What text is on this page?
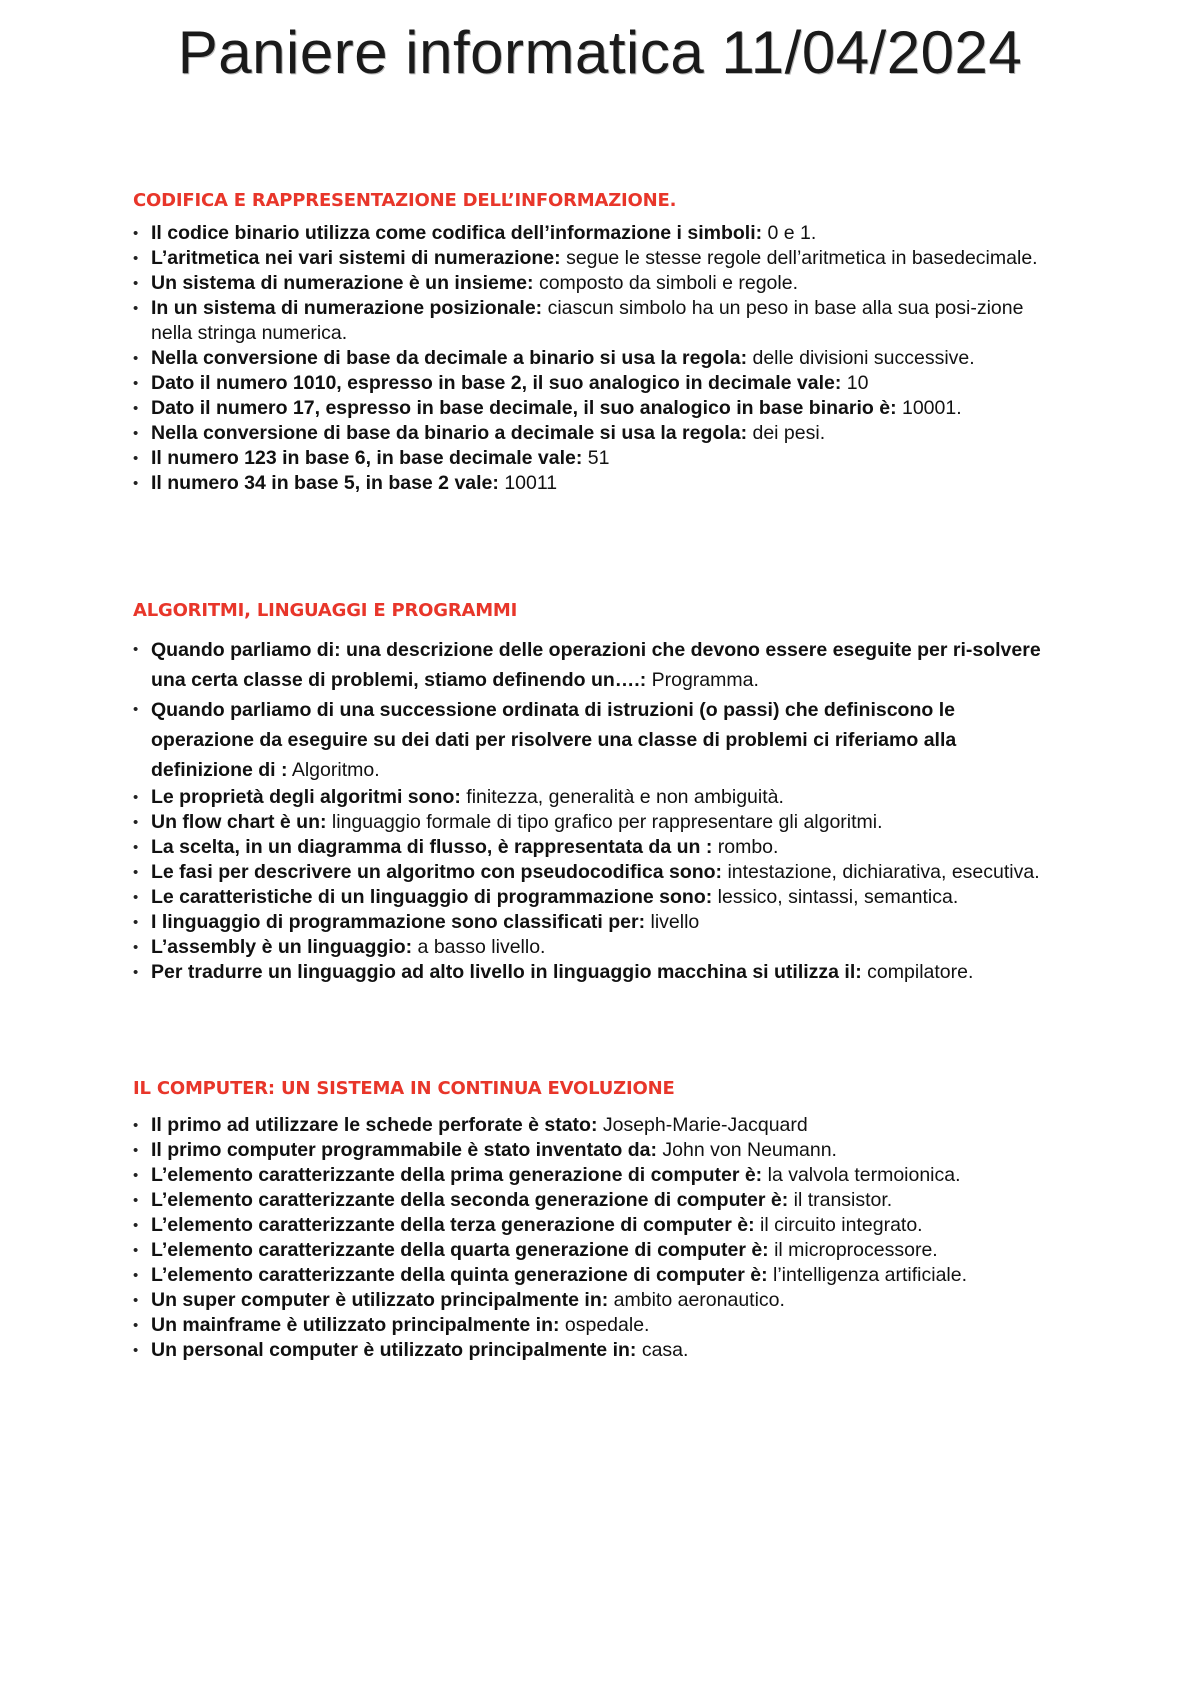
Paniere informatica 11/04/2024
CODIFICA E RAPPRESENTAZIONE DELL’INFORMAZIONE.
• Il codice binario utilizza come codifica dell’informazione i simboli: 0 e 1.
• L’aritmetica nei vari sistemi di numerazione: segue le stesse regole dell’aritmetica in basedecimale.
• Un sistema di numerazione è un insieme: composto da simboli e regole.
• In un sistema di numerazione posizionale: ciascun simbolo ha un peso in base alla sua posi-zione nella stringa numerica.
• Nella conversione di base da decimale a binario si usa la regola: delle divisioni successive.
• Dato il numero 1010, espresso in base 2, il suo analogico in decimale vale: 10
• Dato il numero 17, espresso in base decimale, il suo analogico in base binario è: 10001.
• Nella conversione di base da binario a decimale si usa la regola: dei pesi.
• Il numero 123 in base 6, in base decimale vale: 51
• Il numero 34 in base 5, in base 2 vale: 10011
ALGORITMI, LINGUAGGI E PROGRAMMI
• Quando parliamo di: una descrizione delle operazioni che devono essere eseguite per ri-solvere una certa classe di problemi, stiamo definendo un….: Programma.
• Quando parliamo di una successione ordinata di istruzioni (o passi) che definiscono le operazione da eseguire su dei dati per risolvere una classe di problemi ci riferiamo alla definizione di : Algoritmo.
• Le proprietà degli algoritmi sono: finitezza, generalità e non ambiguità.
• Un flow chart è un: linguaggio formale di tipo grafico per rappresentare gli algoritmi.
• La scelta, in un diagramma di flusso, è rappresentata da un : rombo.
• Le fasi per descrivere un algoritmo con pseudocodifica sono: intestazione, dichiarativa, esecutiva.
• Le caratteristiche di un linguaggio di programmazione sono: lessico, sintassi, semantica.
• I linguaggio di programmazione sono classificati per: livello
• L’assembly è un linguaggio: a basso livello.
• Per tradurre un linguaggio ad alto livello in linguaggio macchina si utilizza il: compilatore.
IL COMPUTER: UN SISTEMA IN CONTINUA EVOLUZIONE
• Il primo ad utilizzare le schede perforate è stato: Joseph-Marie-Jacquard
• Il primo computer programmabile è stato inventato da: John von Neumann.
• L’elemento caratterizzante della prima generazione di computer è: la valvola termoionica.
• L’elemento caratterizzante della seconda generazione di computer è: il transistor.
• L’elemento caratterizzante della terza generazione di computer è: il circuito integrato.
• L’elemento caratterizzante della quarta generazione di computer è: il microprocessore.
• L’elemento caratterizzante della quinta generazione di computer è: l’intelligenza artificiale.
• Un super computer è utilizzato principalmente in: ambito aeronautico.
• Un mainframe è utilizzato principalmente in: ospedale.
• Un personal computer è utilizzato principalmente in: casa.
